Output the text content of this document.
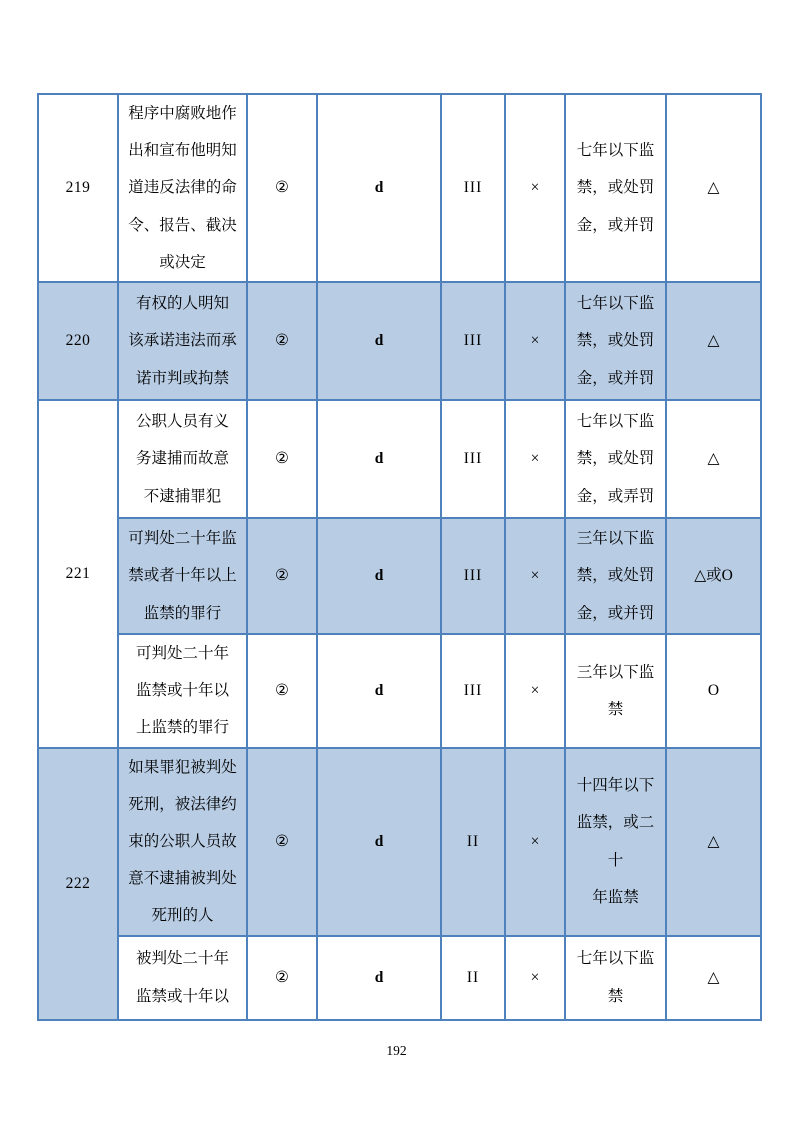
219	程序中腐败地作
出和宣布他明知
道违反法律的命
令、报告、截决
或决定	②	d	III	×	七年以下监
禁，或处罚
金，或并罚	△
220	有权的人明知
该承诺违法而承
诺市判或拘禁	②	d	III	×	七年以下监
禁，或处罚
金，或并罚	△
221	公职人员有义
务逮捕而故意
不逮捕罪犯	②	d	III	×	七年以下监
禁，或处罚
金，或弄罚	△
	可判处二十年监
禁或者十年以上
监禁的罪行	②	d	III	×	三年以下监
禁，或处罚
金，或并罚	△或O
	可判处二十年
监禁或十年以
上监禁的罪行	②	d	III	×	三年以下监禁	O
222	如果罪犯被判处
死刑，被法律约
束的公职人员故
意不逮捕被判处
死刑的人	②	d	II	×	十四年以下
监禁，或二十
年监禁	△
	被判处二十年
监禁或十年以	②	d	II	×	七年以下监
禁	△
192
